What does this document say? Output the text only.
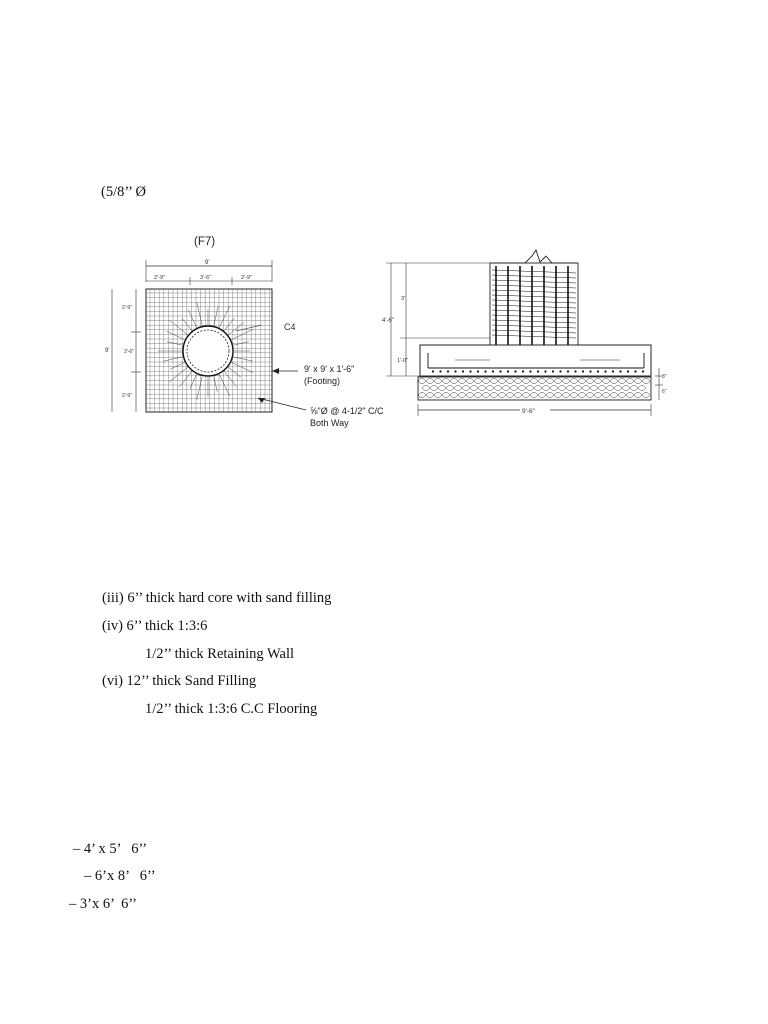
(5/8’’ Ø
(F7)
9'
2'-9"	3'-6"	2'-9"
9'
2'-9"
3'-6"
2'-9"
C4
9' x 9' x 1'-6"
(Footing)
⅝"Ø @ 4-1/2" C/C
Both Way
3'
4'-6"
1'-0"
3"
6"
9'-6"
(iii) 6’’ thick hard core with sand filling
(iv) 6’’ thick 1:3:6
1/2’’ thick Retaining Wall
(vi) 12’’ thick Sand Filling
1/2’’ thick 1:3:6 C.C Flooring
– 4’ x 5’   6’’
– 6’x 8’   6’’
– 3’x 6’  6’’
